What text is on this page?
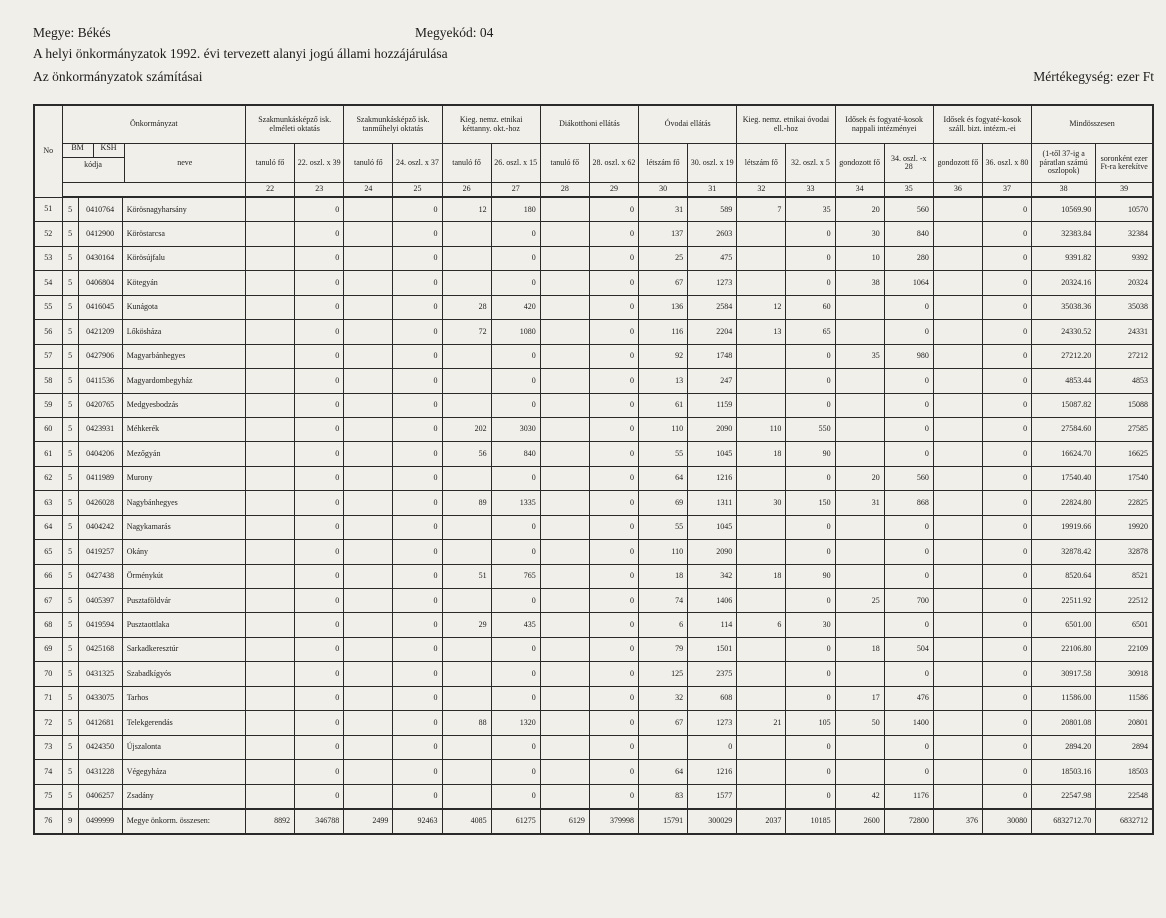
Megye: Békés	Megyekód: 04
A helyi önkormányzatok 1992. évi tervezett alanyi jogú állami hozzájárulása
Az önkormányzatok számításai	Mértékegység: ezer Ft
No	Önkormányzat			Szakmunkásképző isk. elméleti oktatás		Szakmunkásképző isk. tanműhelyi oktatás		Kieg. nemz. etnikai kéttanny. okt.-hoz		Diákotthoni ellátás		Óvodai ellátás		Kieg. nemz. etnikai óvodai ell.-hoz		Idősek és fogyaté-kosok nappali intézményei		Idősek és fogyaté-kosok száll. bizt. intézm.-ei		Mindösszesen	

	BM KSH
kódja neve			tanuló fő	22. oszl. x 39	tanuló fő	24. oszl. x 37	tanuló fő	26. oszl. x 15	tanuló fő	28. oszl. x 62	létszám fő	30. oszl. x 19	létszám fő	32. oszl. x 5	gondozott fő	34. oszl. -x 28	gondozott fő	36. oszl. x 80	(1-től 37-ig a páratlan számú oszlopok)	soronként ezer Ft-ra kerekítve
				22	23	24	25	26	27	28	29	30	31	32	33	34	35	36	37	38	39
51	5	0410764	Körösnagyharsány		0		0	12	180		0	31	589	7	35	20	560		0	10569.90	10570
52	5	0412900	Köröstarcsa		0		0		0		0	137	2603		0	30	840		0	32383.84	32384
53	5	0430164	Körösújfalu		0		0		0		0	25	475		0	10	280		0	9391.82	9392
54	5	0406804	Kötegyán		0		0		0		0	67	1273		0	38	1064		0	20324.16	20324
55	5	0416045	Kunágota		0		0	28	420		0	136	2584	12	60		0		0	35038.36	35038
56	5	0421209	Lőkösháza		0		0	72	1080		0	116	2204	13	65		0		0	24330.52	24331
57	5	0427906	Magyarbánhegyes		0		0		0		0	92	1748		0	35	980		0	27212.20	27212
58	5	0411536	Magyardombegyház		0		0		0		0	13	247		0		0		0	4853.44	4853
59	5	0420765	Medgyesbodzás		0		0		0		0	61	1159		0		0		0	15087.82	15088
60	5	0423931	Méhkerék		0		0	202	3030		0	110	2090	110	550		0		0	27584.60	27585
61	5	0404206	Mezőgyán		0		0	56	840		0	55	1045	18	90		0		0	16624.70	16625
62	5	0411989	Murony		0		0		0		0	64	1216		0	20	560		0	17540.40	17540
63	5	0426028	Nagybánhegyes		0		0	89	1335		0	69	1311	30	150	31	868		0	22824.80	22825
64	5	0404242	Nagykamarás		0		0		0		0	55	1045		0		0		0	19919.66	19920
65	5	0419257	Okány		0		0		0		0	110	2090		0		0		0	32878.42	32878
66	5	0427438	Örménykút		0		0	51	765		0	18	342	18	90		0		0	8520.64	8521
67	5	0405397	Pusztaföldvár		0		0		0		0	74	1406		0	25	700		0	22511.92	22512
68	5	0419594	Pusztaottlaka		0		0	29	435		0	6	114	6	30		0		0	6501.00	6501
69	5	0425168	Sarkadkeresztúr		0		0		0		0	79	1501		0	18	504		0	22106.80	22109
70	5	0431325	Szabadkígyós		0		0		0		0	125	2375		0		0		0	30917.58	30918
71	5	0433075	Tarhos		0		0		0		0	32	608		0	17	476		0	11586.00	11586
72	5	0412681	Telekgerendás		0		0	88	1320		0	67	1273	21	105	50	1400		0	20801.08	20801
73	5	0424350	Újszalonta		0		0		0		0		0		0		0		0	2894.20	2894
74	5	0431228	Végegyháza		0		0		0		0	64	1216		0		0		0	18503.16	18503
75	5	0406257	Zsadány		0		0		0		0	83	1577		0	42	1176		0	22547.98	22548
76	9	0499999	Megye önkorm. összesen:	8892	346788	2499	92463	4085	61275	6129	379998	15791	300029	2037	10185	2600	72800	376	30080	6832712.70	6832712
